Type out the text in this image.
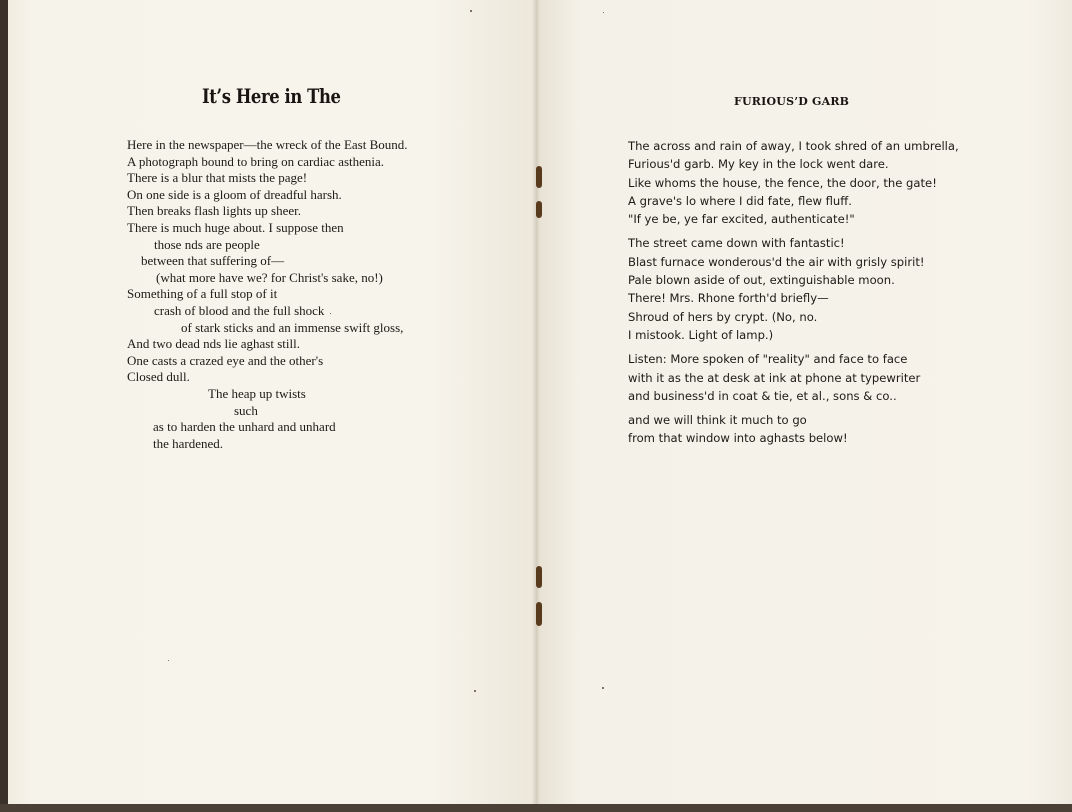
It’s Here in The
Here in the newspaper—the wreck of the East Bound.
A photograph bound to bring on cardiac asthenia.
There is a blur that mists the page!
On one side is a gloom of dreadful harsh.
Then breaks flash lights up sheer.
There is much huge about. I suppose then
those nds are people
between that suffering of—
(what more have we? for Christ's sake, no!)
Something of a full stop of it
crash of blood and the full shock
of stark sticks and an immense swift gloss,
And two dead nds lie aghast still.
One casts a crazed eye and the other's
Closed dull.
The heap up twists
such
as to harden the unhard and unhard
the hardened.
FURIOUS’D GARB
The across and rain of away, I took shred of an umbrella,
Furious'd garb. My key in the lock went dare.
Like whoms the house, the fence, the door, the gate!
A grave's lo where I did fate, flew fluff.
"If ye be, ye far excited, authenticate!"
The street came down with fantastic!
Blast furnace wonderous'd the air with grisly spirit!
Pale blown aside of out, extinguishable moon.
There! Mrs. Rhone forth'd briefly—
Shroud of hers by crypt. (No, no.
I mistook. Light of lamp.)
Listen: More spoken of "reality" and face to face
with it as the at desk at ink at phone at typewriter
and business'd in coat & tie, et al., sons & co..
and we will think it much to go
from that window into aghasts below!
